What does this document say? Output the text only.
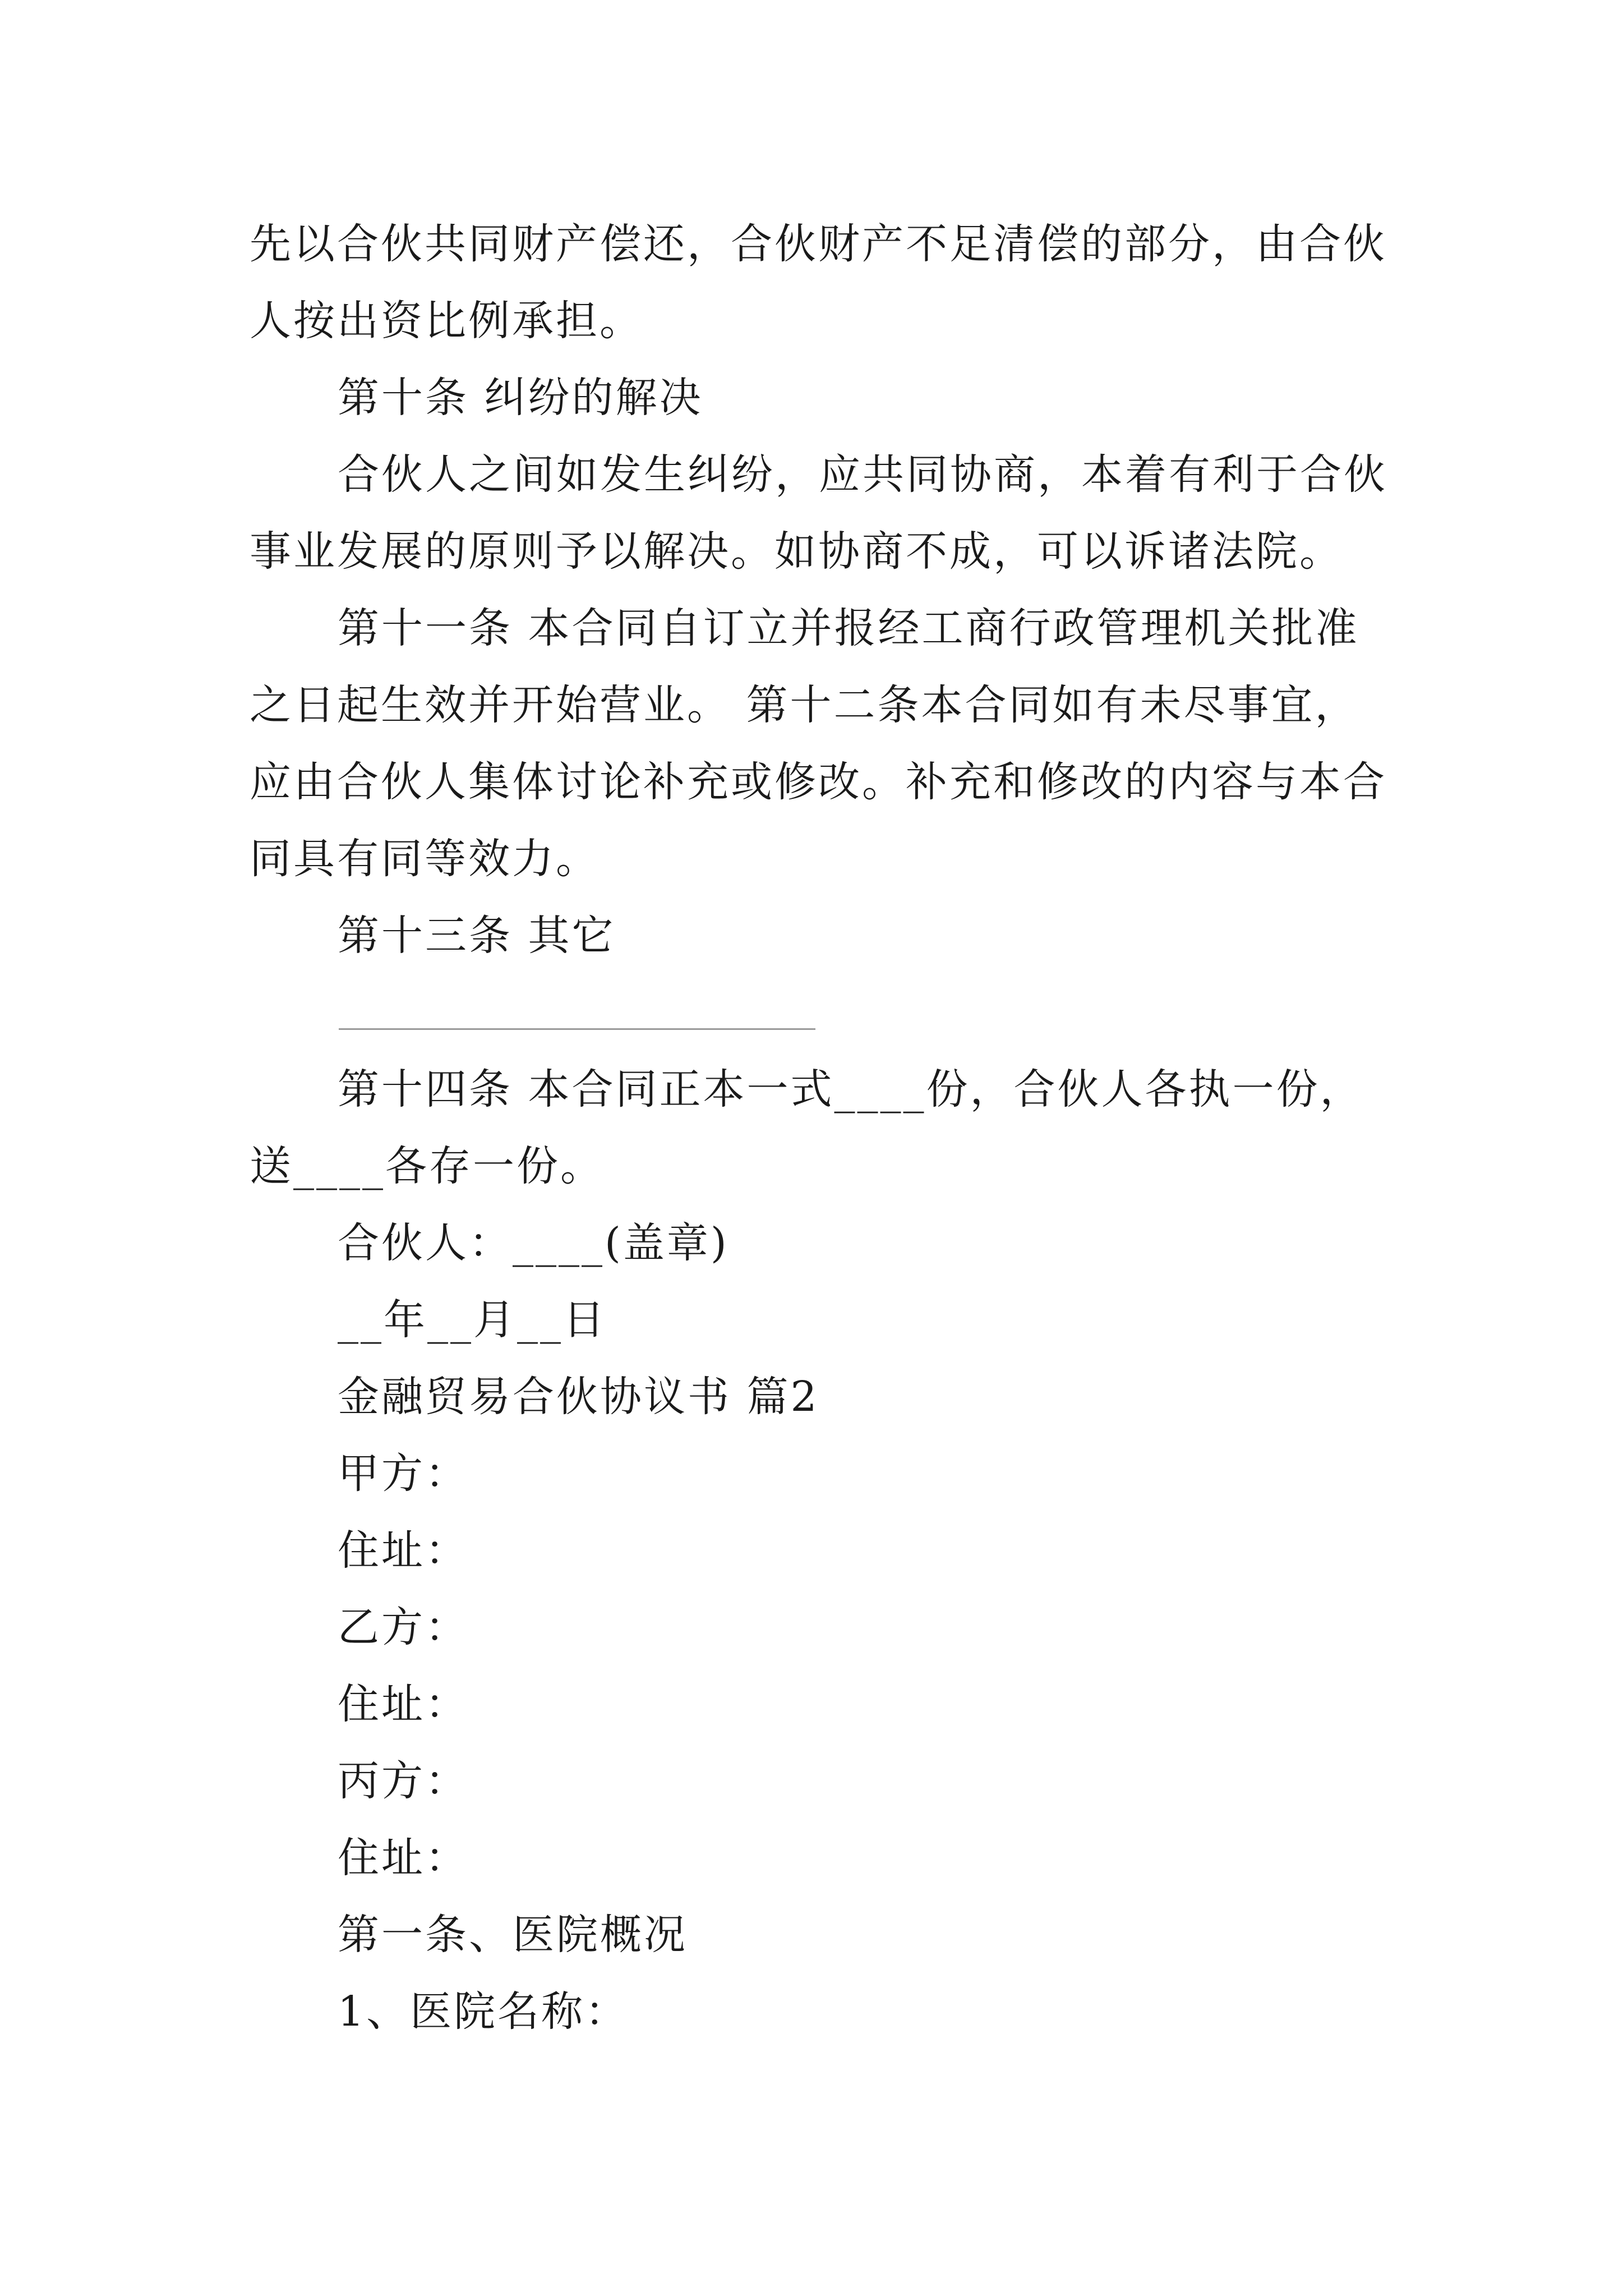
先以合伙共同财产偿还，合伙财产不足清偿的部分，由合伙
人按出资比例承担。
第十条 纠纷的解决
合伙人之间如发生纠纷，应共同协商，本着有利于合伙
事业发展的原则予以解决。如协商不成，可以诉诸法院。
第十一条 本合同自订立并报经工商行政管理机关批准
之日起生效并开始营业。 第十二条本合同如有未尽事宜，
应由合伙人集体讨论补充或修改。补充和修改的内容与本合
同具有同等效力。
第十三条 其它
第十四条 本合同正本一式____份，合伙人各执一份，
送____各存一份。
合伙人：____(盖章)
__年__月__日
金融贸易合伙协议书 篇2
甲方：
住址：
乙方：
住址：
丙方：
住址：
第一条、医院概况
1、医院名称：
